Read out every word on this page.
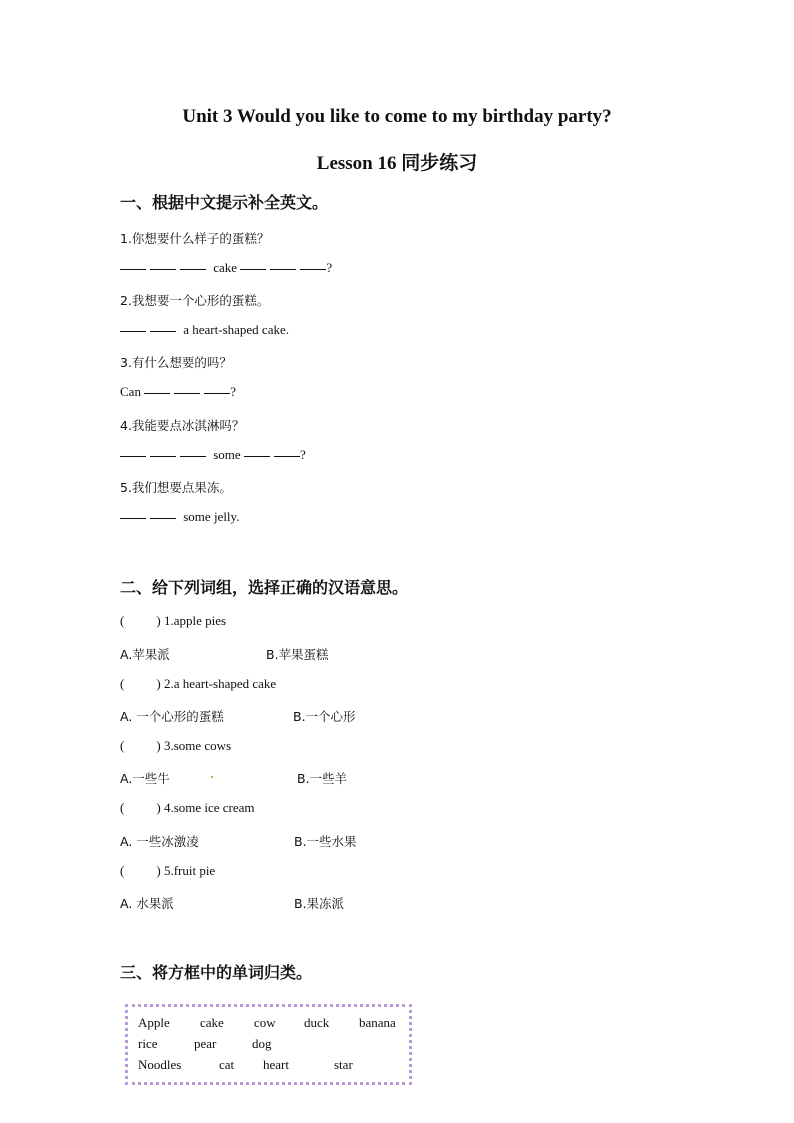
Unit 3 Would you like to come to my birthday party?
Lesson 16 同步练习
一、根据中文提示补全英文。
1.你想要什么样子的蛋糕？
cake	?
2.我想要一个心形的蛋糕。
a heart-shaped cake.
3.有什么想要的吗？
Can	?
4.我能要点冰淇淋吗？
some	?
5.我们想要点果冻。
some jelly.
二、给下列词组，选择正确的汉语意思。
( ) 1.apple pies
A.苹果派	B.苹果蛋糕
( ) 2.a heart-shaped cake
A. 一个心形的蛋糕	B.一个心形
( ) 3.some cows
A.一些牛	B.一些羊
( ) 4.some ice cream
A. 一些冰激凌	B.一些水果
( ) 5.fruit pie
A. 水果派	B.果冻派
三、将方框中的单词归类。
Apple cake cow duck banana
rice	pear	dog
Noodles	cat heart	star
